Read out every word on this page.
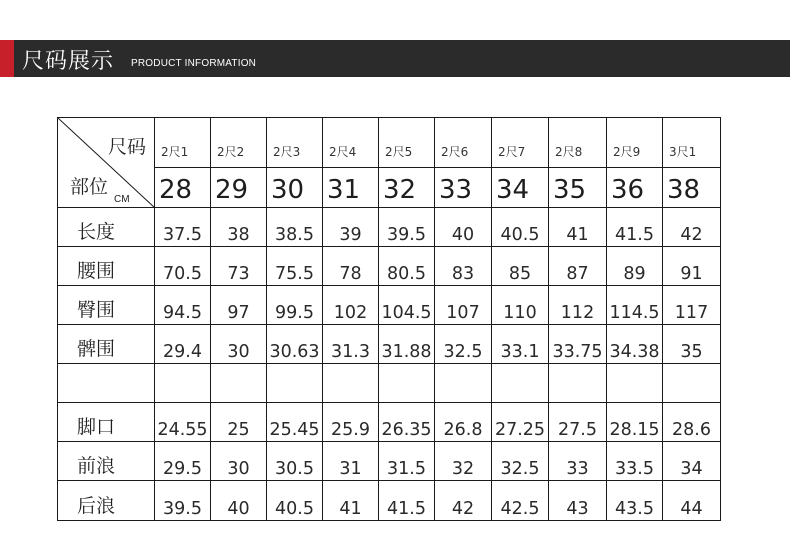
尺码展示 PRODUCT INFORMATION
尺码
部位
CM	2尺1	2尺2	2尺3	2尺4	2尺5	2尺6	2尺7	2尺8	2尺9	3尺1

	28	29	30	31	32	33	34	35	36	38

长度	37.5	38	38.5	39	39.5	40	40.5	41	41.5	42

腰围	70.5	73	75.5	78	80.5	83	85	87	89	91

臀围	94.5	97	99.5	102	104.5	107	110	112	114.5	117

髀围	29.4	30	30.63	31.3	31.88	32.5	33.1	33.75	34.38	35

脚口	24.55	25	25.45	25.9	26.35	26.8	27.25	27.5	28.15	28.6

前浪	29.5	30	30.5	31	31.5	32	32.5	33	33.5	34

后浪	39.5	40	40.5	41	41.5	42	42.5	43	43.5	44
